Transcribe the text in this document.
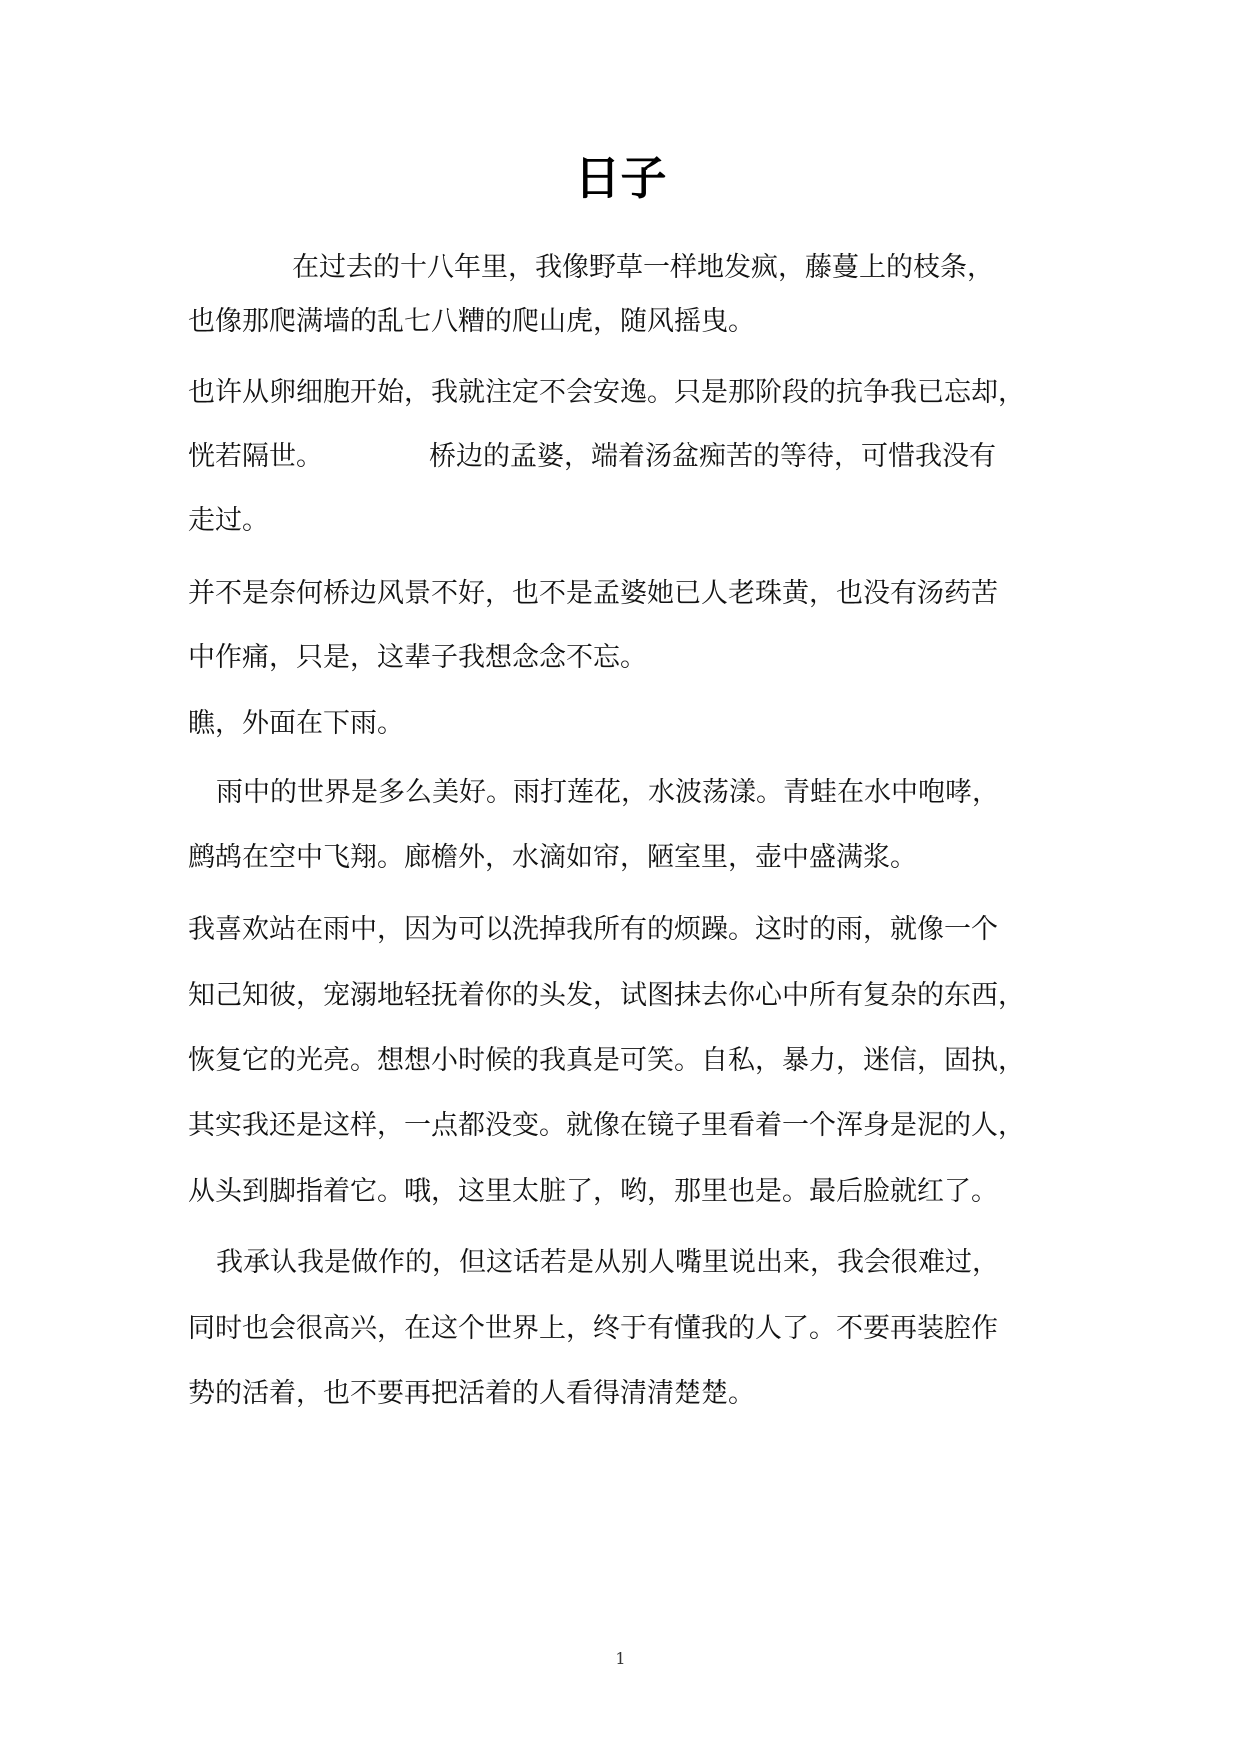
日子
在过去的十八年里，我像野草一样地发疯，藤蔓上的枝条，
也像那爬满墙的乱七八糟的爬山虎，随风摇曳。
也许从卵细胞开始，我就注定不会安逸。只是那阶段的抗争我已忘却，
恍若隔世。	桥边的孟婆，端着汤盆痴苦的等待，可惜我没有
走过。
并不是奈何桥边风景不好，也不是孟婆她已人老珠黄，也没有汤药苦
中作痛，只是，这辈子我想念念不忘。
瞧，外面在下雨。
雨中的世界是多么美好。雨打莲花，水波荡漾。青蛙在水中咆哮，
鹧鸪在空中飞翔。廊檐外，水滴如帘，陋室里，壶中盛满浆。
我喜欢站在雨中，因为可以洗掉我所有的烦躁。这时的雨，就像一个
知己知彼，宠溺地轻抚着你的头发，试图抹去你心中所有复杂的东西，
恢复它的光亮。想想小时候的我真是可笑。自私，暴力，迷信，固执，
其实我还是这样，一点都没变。就像在镜子里看着一个浑身是泥的人，
从头到脚指着它。哦，这里太脏了，哟，那里也是。最后脸就红了。
我承认我是做作的，但这话若是从别人嘴里说出来，我会很难过，
同时也会很高兴，在这个世界上，终于有懂我的人了。不要再装腔作
势的活着，也不要再把活着的人看得清清楚楚。
1
